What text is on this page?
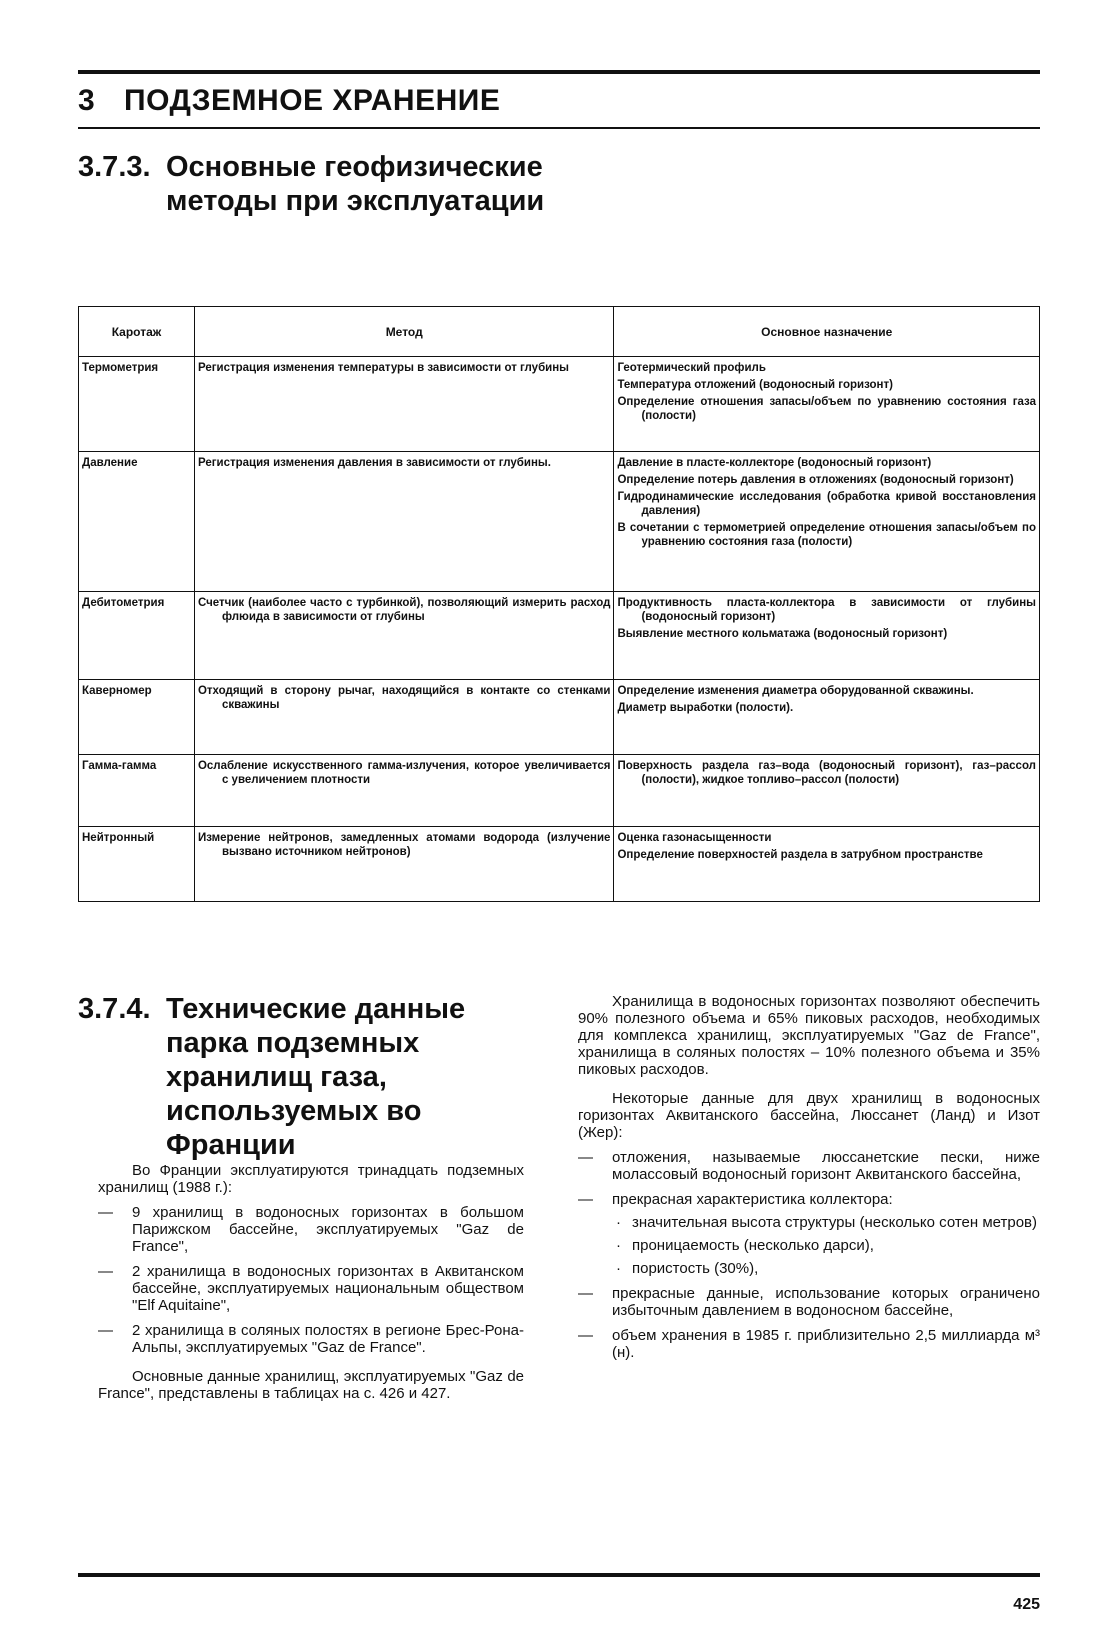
3 ПОДЗЕМНОЕ ХРАНЕНИЕ
3.7.3. Основные геофизические методы при эксплуатации
Каротаж	Метод	Основное назначение
Термометрия	Регистрация изменения температуры в зависимости от глубины	Геотермический профиль
Температура отложений (водоносный горизонт)
Определение отношения запасы/объем по уравнению состояния газа (полости)

Давление	Регистрация изменения давления в зависимости от глубины.	Давление в пласте-коллекторе (водоносный горизонт)
Определение потерь давления в отложениях (водоносный горизонт)
Гидродинамические исследования (обработка кривой восстановления давления)
В сочетании с термометрией определение отношения запасы/объем по уравнению состояния газа (полости)

Дебитометрия	Счетчик (наиболее часто с турбинкой), позволяющий измерить расход флюида в зависимости от глубины	Продуктивность пласта-коллектора в зависимости от глубины (водоносный горизонт)
Выявление местного кольматажа (водоносный горизонт)

Каверномер	Отходящий в сторону рычаг, находящийся в контакте со стенками скважины	Определение изменения диаметра оборудованной скважины.
Диаметр выработки (полости).

Гамма-гамма	Ослабление искусственного гамма-излучения, которое увеличивается с увеличением плотности	Поверхность раздела газ–вода (водоносный горизонт), газ–рассол (полости), жидкое топливо–рассол (полости)

Нейтронный	Измерение нейтронов, замедленных атомами водорода (излучение вызвано источником нейтронов)	Оценка газонасыщенности
Определение поверхностей раздела в затрубном пространстве
3.7.4. Технические данные парка подземных хранилищ газа, используемых во Франции

Во Франции эксплуатируются тринадцать подземных хранилищ (1988 г.):

— 9 хранилищ в водоносных горизонтах в большом Парижском бассейне, эксплуатируемых "Gaz de France",
— 2 хранилища в водоносных горизонтах в Аквитанском бассейне, эксплуатируемых национальным обществом "Elf Aquitaine",
— 2 хранилища в соляных полостях в регионе Брес-Рона-Альпы, эксплуатируемых "Gaz de France".

Основные данные хранилищ, эксплуатируемых "Gaz de France", представлены в таблицах на с. 426 и 427.

Хранилища в водоносных горизонтах позволяют обеспечить 90% полезного объема и 65% пиковых расходов, необходимых для комплекса хранилищ, эксплуатируемых "Gaz de France", хранилища в соляных полостях – 10% полезного объема и 35% пиковых расходов.

Некоторые данные для двух хранилищ в водоносных горизонтах Аквитанского бассейна, Люссанет (Ланд) и Изот (Жер):

— отложения, называемые люссанетские пески, ниже молассовый водоносный горизонт Аквитанского бассейна,
— прекрасная характеристика коллектора:
· значительная высота структуры (несколько сотен метров)
· проницаемость (несколько дарси),
· пористость (30%),
— прекрасные данные, использование которых ограничено избыточным давлением в водоносном бассейне,
— объем хранения в 1985 г. приблизительно 2,5 миллиарда м³ (н).
425
